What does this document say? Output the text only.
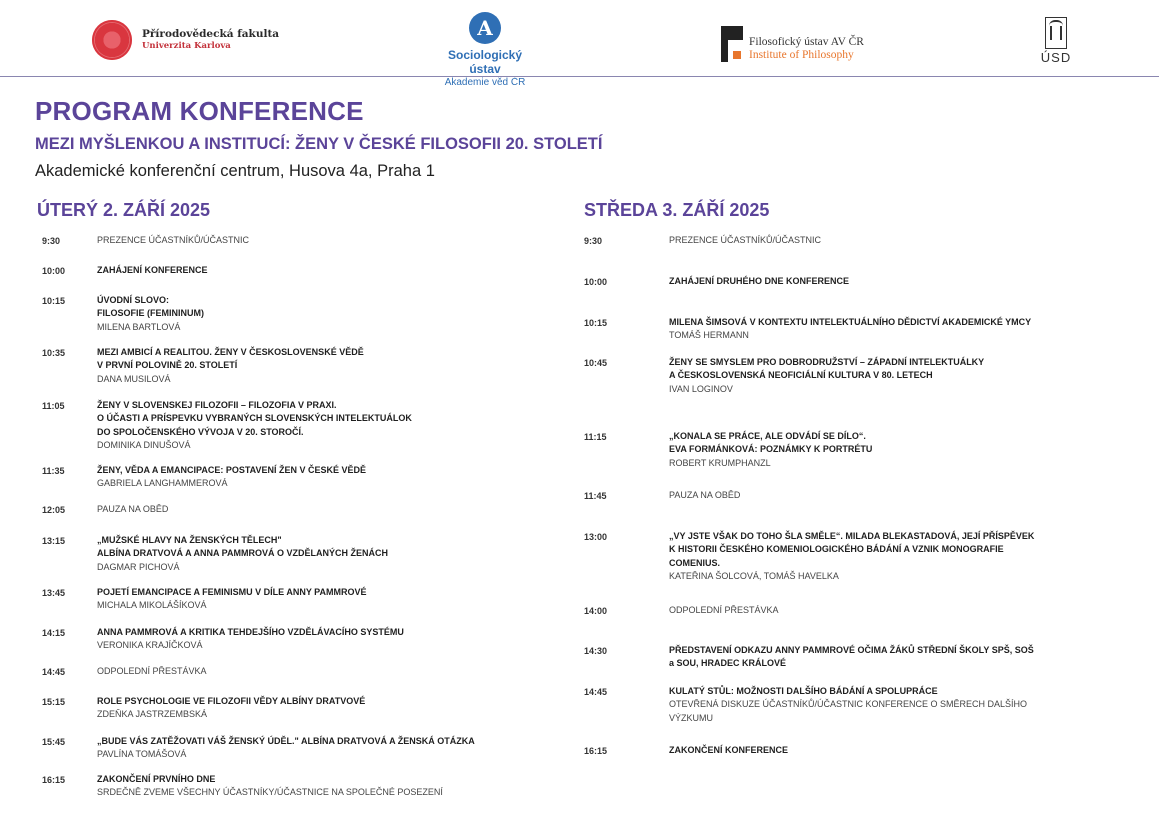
Přírodovědecká fakulta
Univerzita Karlova
A
Sociologický ústav
Akademie věd ČR
Filosofický ústav AV ČR
Institute of Philosophy	ÚSD
PROGRAM KONFERENCE
MEZI MYŠLENKOU A INSTITUCÍ: ŽENY V ČESKÉ FILOSOFII 20. STOLETÍ
Akademické konferenční centrum, Husova 4a, Praha 1
ÚTERÝ 2. ZÁŘÍ 2025	STŘEDA 3. ZÁŘÍ 2025
9:30	PREZENCE ÚČASTNÍKŮ/ÚČASTNIC
10:00	ZAHÁJENÍ KONFERENCE
10:15	ÚVODNÍ SLOVO:
FILOSOFIE (FEMININUM)
MILENA BARTLOVÁ
10:35	MEZI AMBICÍ A REALITOU. ŽENY V ČESKOSLOVENSKÉ VĚDĚ
V PRVNÍ POLOVINĚ 20. STOLETÍ
DANA MUSILOVÁ
11:05	ŽENY V SLOVENSKEJ FILOZOFII – FILOZOFIA V PRAXI.
O ÚČASTI A PRÍSPEVKU VYBRANÝCH SLOVENSKÝCH INTELEKTUÁLOK
DO SPOLOČENSKÉHO VÝVOJA V 20. STOROČÍ.
DOMINIKA DINUŠOVÁ
11:35	ŽENY, VĚDA A EMANCIPACE: POSTAVENÍ ŽEN V ČESKÉ VĚDĚ
GABRIELA LANGHAMMEROVÁ
12:05	PAUZA NA OBĚD
13:15	„MUŽSKÉ HLAVY NA ŽENSKÝCH TĚLECH"
ALBÍNA DRATVOVÁ A ANNA PAMMROVÁ O VZDĚLANÝCH ŽENÁCH
DAGMAR PICHOVÁ
13:45	POJETÍ EMANCIPACE A FEMINISMU V DÍLE ANNY PAMMROVÉ
MICHALA MIKOLÁŠÍKOVÁ
14:15	ANNA PAMMROVÁ A KRITIKA TEHDEJŠÍHO VZDĚLÁVACÍHO SYSTÉMU
VERONIKA KRAJÍČKOVÁ
14:45	ODPOLEDNÍ PŘESTÁVKA
15:15	ROLE PSYCHOLOGIE VE FILOZOFII VĚDY ALBÍNY DRATVOVÉ
ZDEŇKA JASTRZEMBSKÁ
15:45	„BUDE VÁS ZATĚŽOVATI VÁŠ ŽENSKÝ ÚDĚL." ALBÍNA DRATVOVÁ A ŽENSKÁ OTÁZKA
PAVLÍNA TOMÁŠOVÁ
16:15	ZAKONČENÍ PRVNÍHO DNE
SRDEČNĚ ZVEME VŠECHNY ÚČASTNÍKY/ÚČASTNICE NA SPOLEČNÉ POSEZENÍ
9:30	PREZENCE ÚČASTNÍKŮ/ÚČASTNIC
10:00	ZAHÁJENÍ DRUHÉHO DNE KONFERENCE
10:15	MILENA ŠIMSOVÁ V KONTEXTU INTELEKTUÁLNÍHO DĚDICTVÍ AKADEMICKÉ YMCY
TOMÁŠ HERMANN
10:45	ŽENY SE SMYSLEM PRO DOBRODRUŽSTVÍ – ZÁPADNÍ INTELEKTUÁLKY
A ČESKOSLOVENSKÁ NEOFICIÁLNÍ KULTURA V 80. LETECH
IVAN LOGINOV
11:15	„KONALA SE PRÁCE, ALE ODVÁDÍ SE DÍLO“.
EVA FORMÁNKOVÁ: POZNÁMKY K PORTRÉTU
ROBERT KRUMPHANZL
11:45	PAUZA NA OBĚD
13:00	„VY JSTE VŠAK DO TOHO ŠLA SMĚLE“. MILADA BLEKASTADOVÁ, JEJÍ PŘÍSPĚVEK
K HISTORII ČESKÉHO KOMENIOLOGICKÉHO BÁDÁNÍ A VZNIK MONOGRAFIE
COMENIUS.
KATEŘINA ŠOLCOVÁ, TOMÁŠ HAVELKA
14:00	ODPOLEDNÍ PŘESTÁVKA
14:30	PŘEDSTAVENÍ ODKAZU ANNY PAMMROVÉ OČIMA ŽÁKŮ STŘEDNÍ ŠKOLY SPŠ, SOŠ
a SOU, HRADEC KRÁLOVÉ
14:45	KULATÝ STŮL: MOŽNOSTI DALŠÍHO BÁDÁNÍ A SPOLUPRÁCE
OTEVŘENÁ DISKUZE ÚČASTNÍKŮ/ÚČASTNIC KONFERENCE O SMĚRECH DALŠÍHO
VÝZKUMU
16:15	ZAKONČENÍ KONFERENCE
